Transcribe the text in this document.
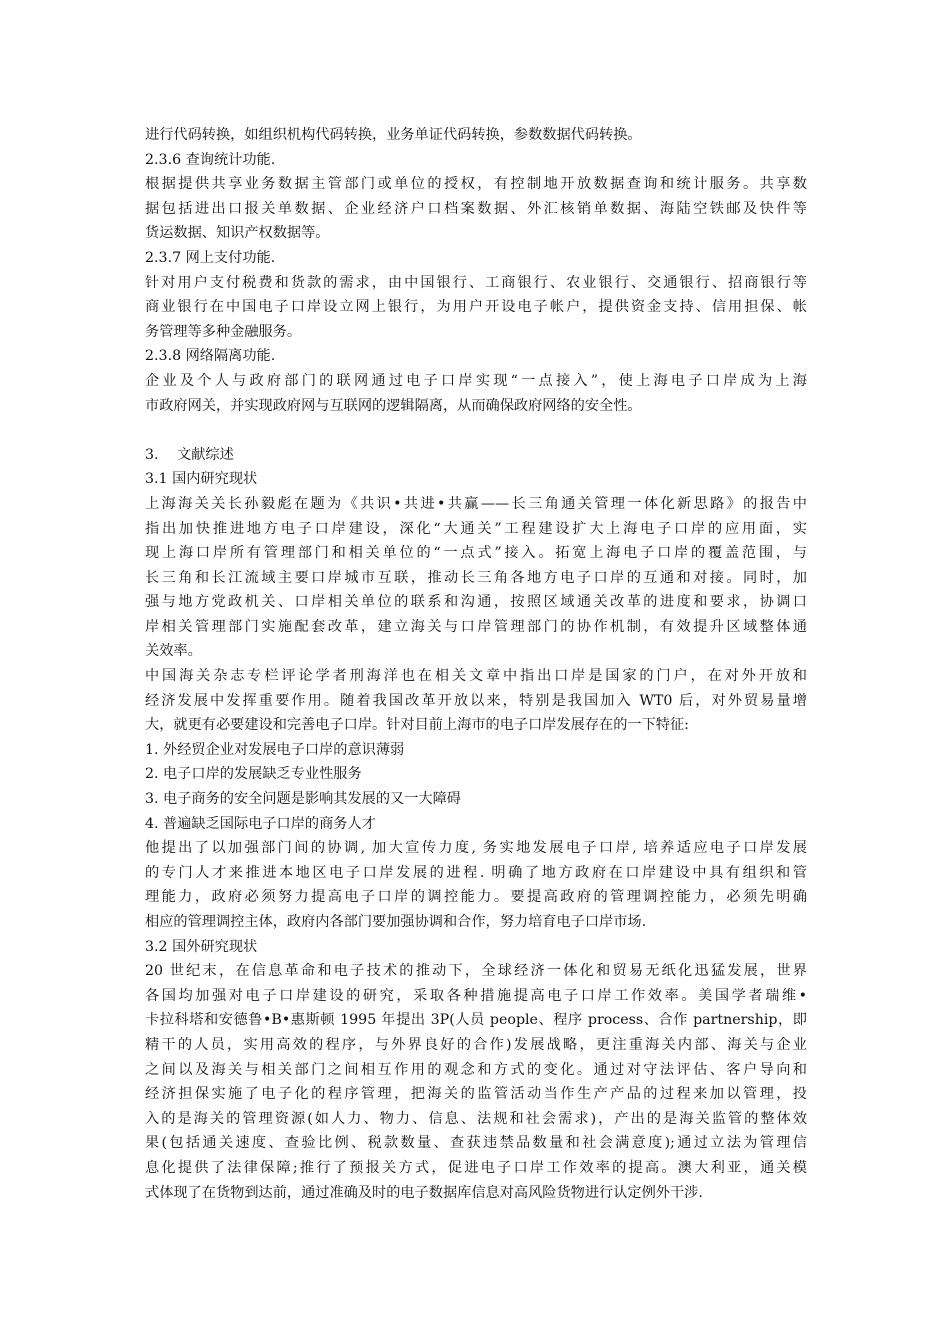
进行代码转换，如组织机构代码转换，业务单证代码转换，参数数据代码转换。
2.3.6 查询统计功能.
根据提供共享业务数据主管部门或单位的授权，有控制地开放数据查询和统计服务。共享数
据包括进出口报关单数据、企业经济户口档案数据、外汇核销单数据、海陆空铁邮及快件等
货运数据、知识产权数据等。
2.3.7 网上支付功能.
针对用户支付税费和货款的需求，由中国银行、工商银行、农业银行、交通银行、招商银行等
商业银行在中国电子口岸设立网上银行，为用户开设电子帐户，提供资金支持、信用担保、帐
务管理等多种金融服务。
2.3.8 网络隔离功能.
企业及个人与政府部门的联网通过电子口岸实现“一点接入”，使上海电子口岸成为上海
市政府网关，并实现政府网与互联网的逻辑隔离，从而确保政府网络的安全性。
3. 文献综述
3.1 国内研究现状
上海海关关长孙毅彪在题为《共识•共进•共赢——长三角通关管理一体化新思路》的报告中
指出加快推进地方电子口岸建设，深化“大通关”工程建设扩大上海电子口岸的应用面，实
现上海口岸所有管理部门和相关单位的“一点式”接入。拓宽上海电子口岸的覆盖范围，与
长三角和长江流域主要口岸城市互联，推动长三角各地方电子口岸的互通和对接。同时，加
强与地方党政机关、口岸相关单位的联系和沟通，按照区域通关改革的进度和要求，协调口
岸相关管理部门实施配套改革，建立海关与口岸管理部门的协作机制，有效提升区域整体通
关效率。
中国海关杂志专栏评论学者刑海洋也在相关文章中指出口岸是国家的门户，在对外开放和
经济发展中发挥重要作用。随着我国改革开放以来，特别是我国加入 WT0 后，对外贸易量增
大，就更有必要建设和完善电子口岸。针对目前上海市的电子口岸发展存在的一下特征:
1. 外经贸企业对发展电子口岸的意识薄弱
2. 电子口岸的发展缺乏专业性服务
3. 电子商务的安全问题是影响其发展的又一大障碍
4. 普遍缺乏国际电子口岸的商务人才
他提出了以加强部门间的协调, 加大宣传力度, 务实地发展电子口岸, 培养适应电子口岸发展
的专门人才来推进本地区电子口岸发展的进程. 明确了地方政府在口岸建设中具有组织和管
理能力，政府必须努力提高电子口岸的调控能力。要提高政府的管理调控能力，必须先明确
相应的管理调控主体，政府内各部门要加强协调和合作，努力培育电子口岸市场.
3.2 国外研究现状
20 世纪末，在信息革命和电子技术的推动下，全球经济一体化和贸易无纸化迅猛发展，世界
各国均加强对电子口岸建设的研究，采取各种措施提高电子口岸工作效率。美国学者瑞维•
卡拉科塔和安德鲁•B•惠斯顿 1995 年提出 3P(人员 people、程序 process、合作 partnership，即
精干的人员，实用高效的程序，与外界良好的合作)发展战略，更注重海关内部、海关与企业
之间以及海关与相关部门之间相互作用的观念和方式的变化。通过对守法评估、客户导向和
经济担保实施了电子化的程序管理，把海关的监管活动当作生产产品的过程来加以管理，投
入的是海关的管理资源(如人力、物力、信息、法规和社会需求)，产出的是海关监管的整体效
果(包括通关速度、查验比例、税款数量、查获违禁品数量和社会满意度);通过立法为管理信
息化提供了法律保障;推行了预报关方式，促进电子口岸工作效率的提高。澳大利亚，通关模
式体现了在货物到达前，通过准确及时的电子数据库信息对高风险货物进行认定例外干涉.
